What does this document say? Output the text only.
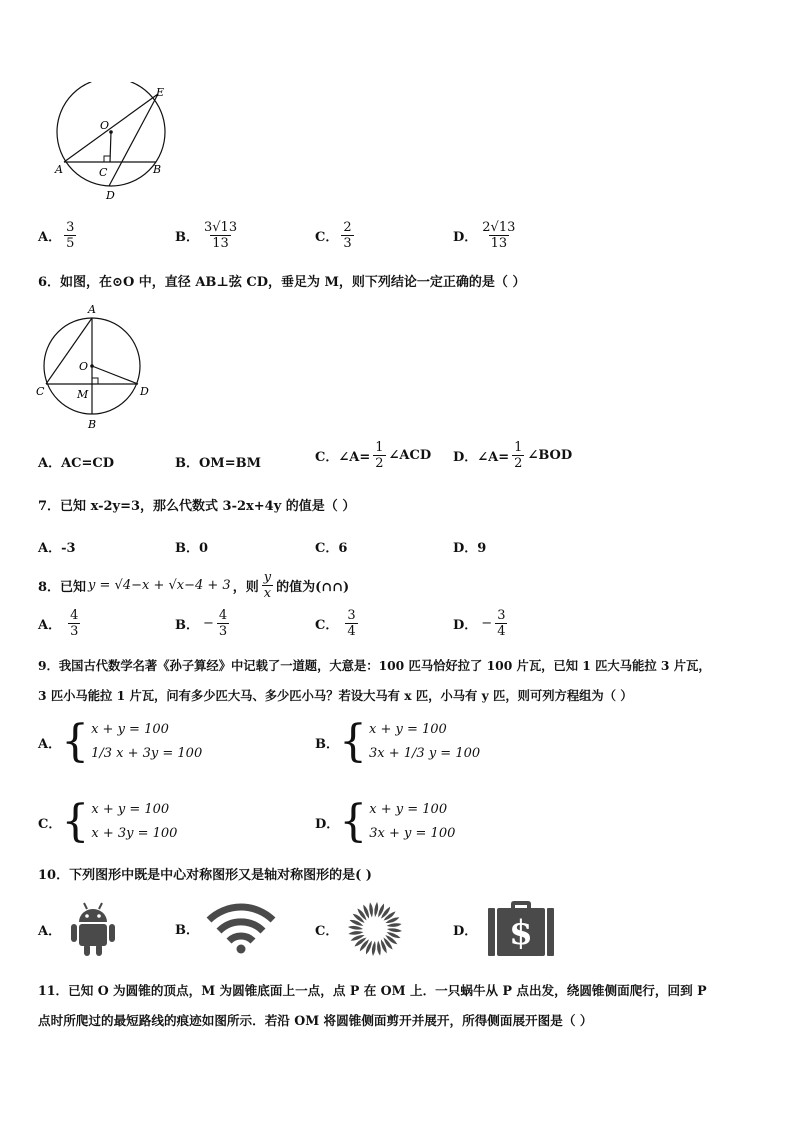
O
E
A	B
C
D
A． $\frac{3}{5}$	B． $\frac{3√13}{13}$	C． $\frac{2}{3}$	D． $\frac{2√13}{13}$
6．如图，在⊙O 中，直径 AB⊥弦 CD，垂足为 M，则下列结论一定正确的是（ ）
A
O
C	D
M
B
A．AC=CD	B．OM=BM	C．∠A= $\frac{1}{2}$ ∠ACD D．∠A= $\frac{1}{2}$ ∠BOD
7．已知 x-2y=3，那么代数式 3-2x+4y 的值是（ ）
A．-3	B．0	C．6	D．9
8．已知 y = √4−x + √x−4 + 3 ，则 $\frac{y}{x}$ 的值为(∩∩)
A． $\frac{4}{3}$	B． − $\frac{4}{3}$	C． $\frac{3}{4}$	D． − $\frac{3}{4}$
9．我国古代数学名著《孙子算经》中记载了一道题，大意是：100 匹马恰好拉了 100 片瓦，已知 1 匹大马能拉 3 片瓦，
3 匹小马能拉 1 片瓦，问有多少匹大马、多少匹小马？若设大马有 x 匹，小马有 y 匹，则可列方程组为（ ）
A． { x + y = 100
1/3 x + 3y = 100
B． { x + y = 100
3x + 1/3 y = 100
C． { x + y = 100
x + 3y = 100
D． { x + y = 100
3x + y = 100
10．下列图形中既是中心对称图形又是轴对称图形的是( )
A．	B．	C．	D． $
11．已知 O 为圆锥的顶点，M 为圆锥底面上一点，点 P 在 OM 上．一只蜗牛从 P 点出发，绕圆锥侧面爬行，回到 P
点时所爬过的最短路线的痕迹如图所示．若沿 OM 将圆锥侧面剪开并展开，所得侧面展开图是（ ）
